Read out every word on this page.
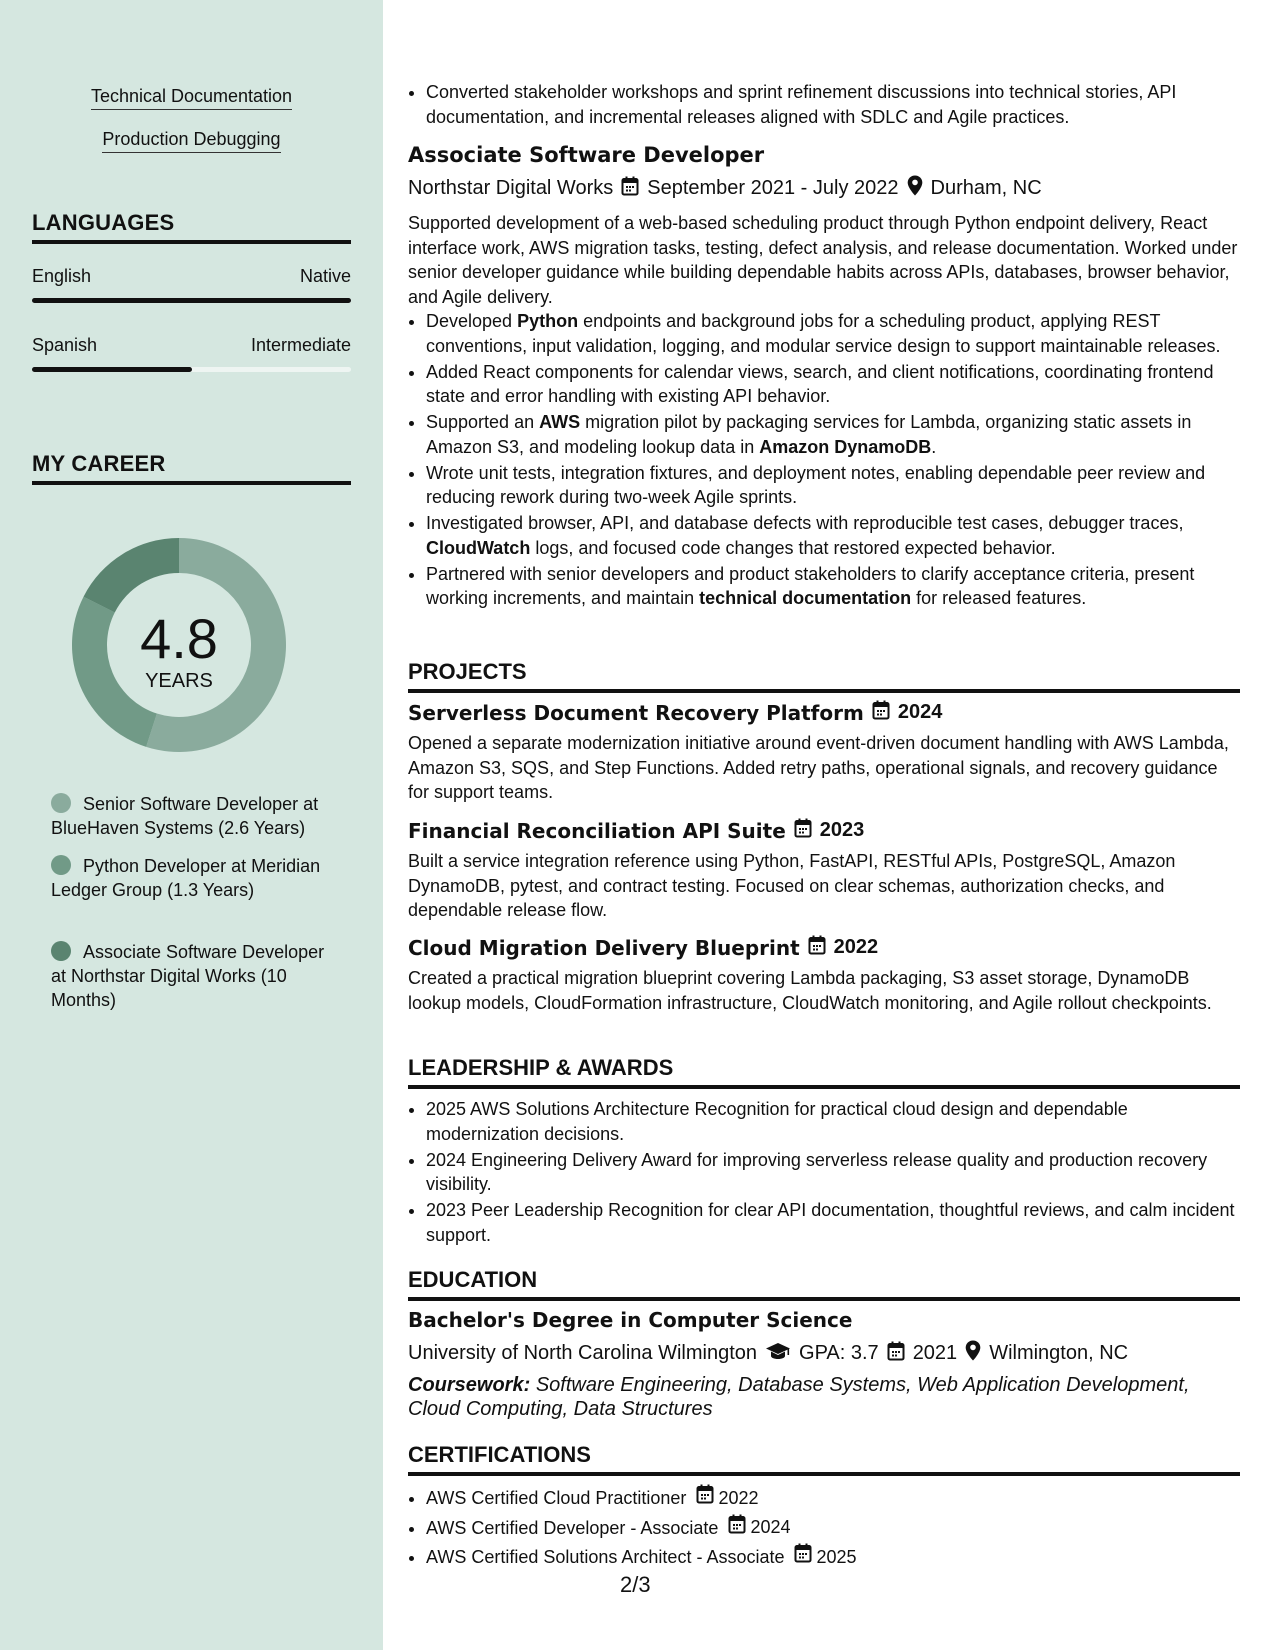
Technical Documentation
Production Debugging
LANGUAGES
English	Native
Spanish	Intermediate
MY CAREER
4.8
YEARS
Senior Software Developer at BlueHaven Systems (2.6 Years)
Python Developer at Meridian Ledger Group (1.3 Years)
Associate Software Developer at Northstar Digital Works (10 Months)
• Converted stakeholder workshops and sprint refinement discussions into technical stories, API documentation, and incremental releases aligned with SDLC and Agile practices.
Associate Software Developer
Northstar Digital Works September 2021 - July 2022 Durham, NC
Supported development of a web-based scheduling product through Python endpoint delivery, React interface work, AWS migration tasks, testing, defect analysis, and release documentation. Worked under senior developer guidance while building dependable habits across APIs, databases, browser behavior, and Agile delivery.
• Developed Python endpoints and background jobs for a scheduling product, applying REST conventions, input validation, logging, and modular service design to support maintainable releases.
• Added React components for calendar views, search, and client notifications, coordinating frontend state and error handling with existing API behavior.
• Supported an AWS migration pilot by packaging services for Lambda, organizing static assets in Amazon S3, and modeling lookup data in Amazon DynamoDB.
• Wrote unit tests, integration fixtures, and deployment notes, enabling dependable peer review and reducing rework during two-week Agile sprints.
• Investigated browser, API, and database defects with reproducible test cases, debugger traces, CloudWatch logs, and focused code changes that restored expected behavior.
• Partnered with senior developers and product stakeholders to clarify acceptance criteria, present working increments, and maintain technical documentation for released features.
PROJECTS
Serverless Document Recovery Platform 2024
Opened a separate modernization initiative around event-driven document handling with AWS Lambda, Amazon S3, SQS, and Step Functions. Added retry paths, operational signals, and recovery guidance for support teams.
Financial Reconciliation API Suite 2023
Built a service integration reference using Python, FastAPI, RESTful APIs, PostgreSQL, Amazon DynamoDB, pytest, and contract testing. Focused on clear schemas, authorization checks, and dependable release flow.
Cloud Migration Delivery Blueprint 2022
Created a practical migration blueprint covering Lambda packaging, S3 asset storage, DynamoDB lookup models, CloudFormation infrastructure, CloudWatch monitoring, and Agile rollout checkpoints.
LEADERSHIP & AWARDS
• 2025 AWS Solutions Architecture Recognition for practical cloud design and dependable modernization decisions.
• 2024 Engineering Delivery Award for improving serverless release quality and production recovery visibility.
• 2023 Peer Leadership Recognition for clear API documentation, thoughtful reviews, and calm incident support.
EDUCATION
Bachelor's Degree in Computer Science
University of North Carolina Wilmington GPA: 3.7 2021 Wilmington, NC
Coursework: Software Engineering, Database Systems, Web Application Development, Cloud Computing, Data Structures
CERTIFICATIONS
• AWS Certified Cloud Practitioner 2022
• AWS Certified Developer - Associate 2024
• AWS Certified Solutions Architect - Associate 2025
2/3
